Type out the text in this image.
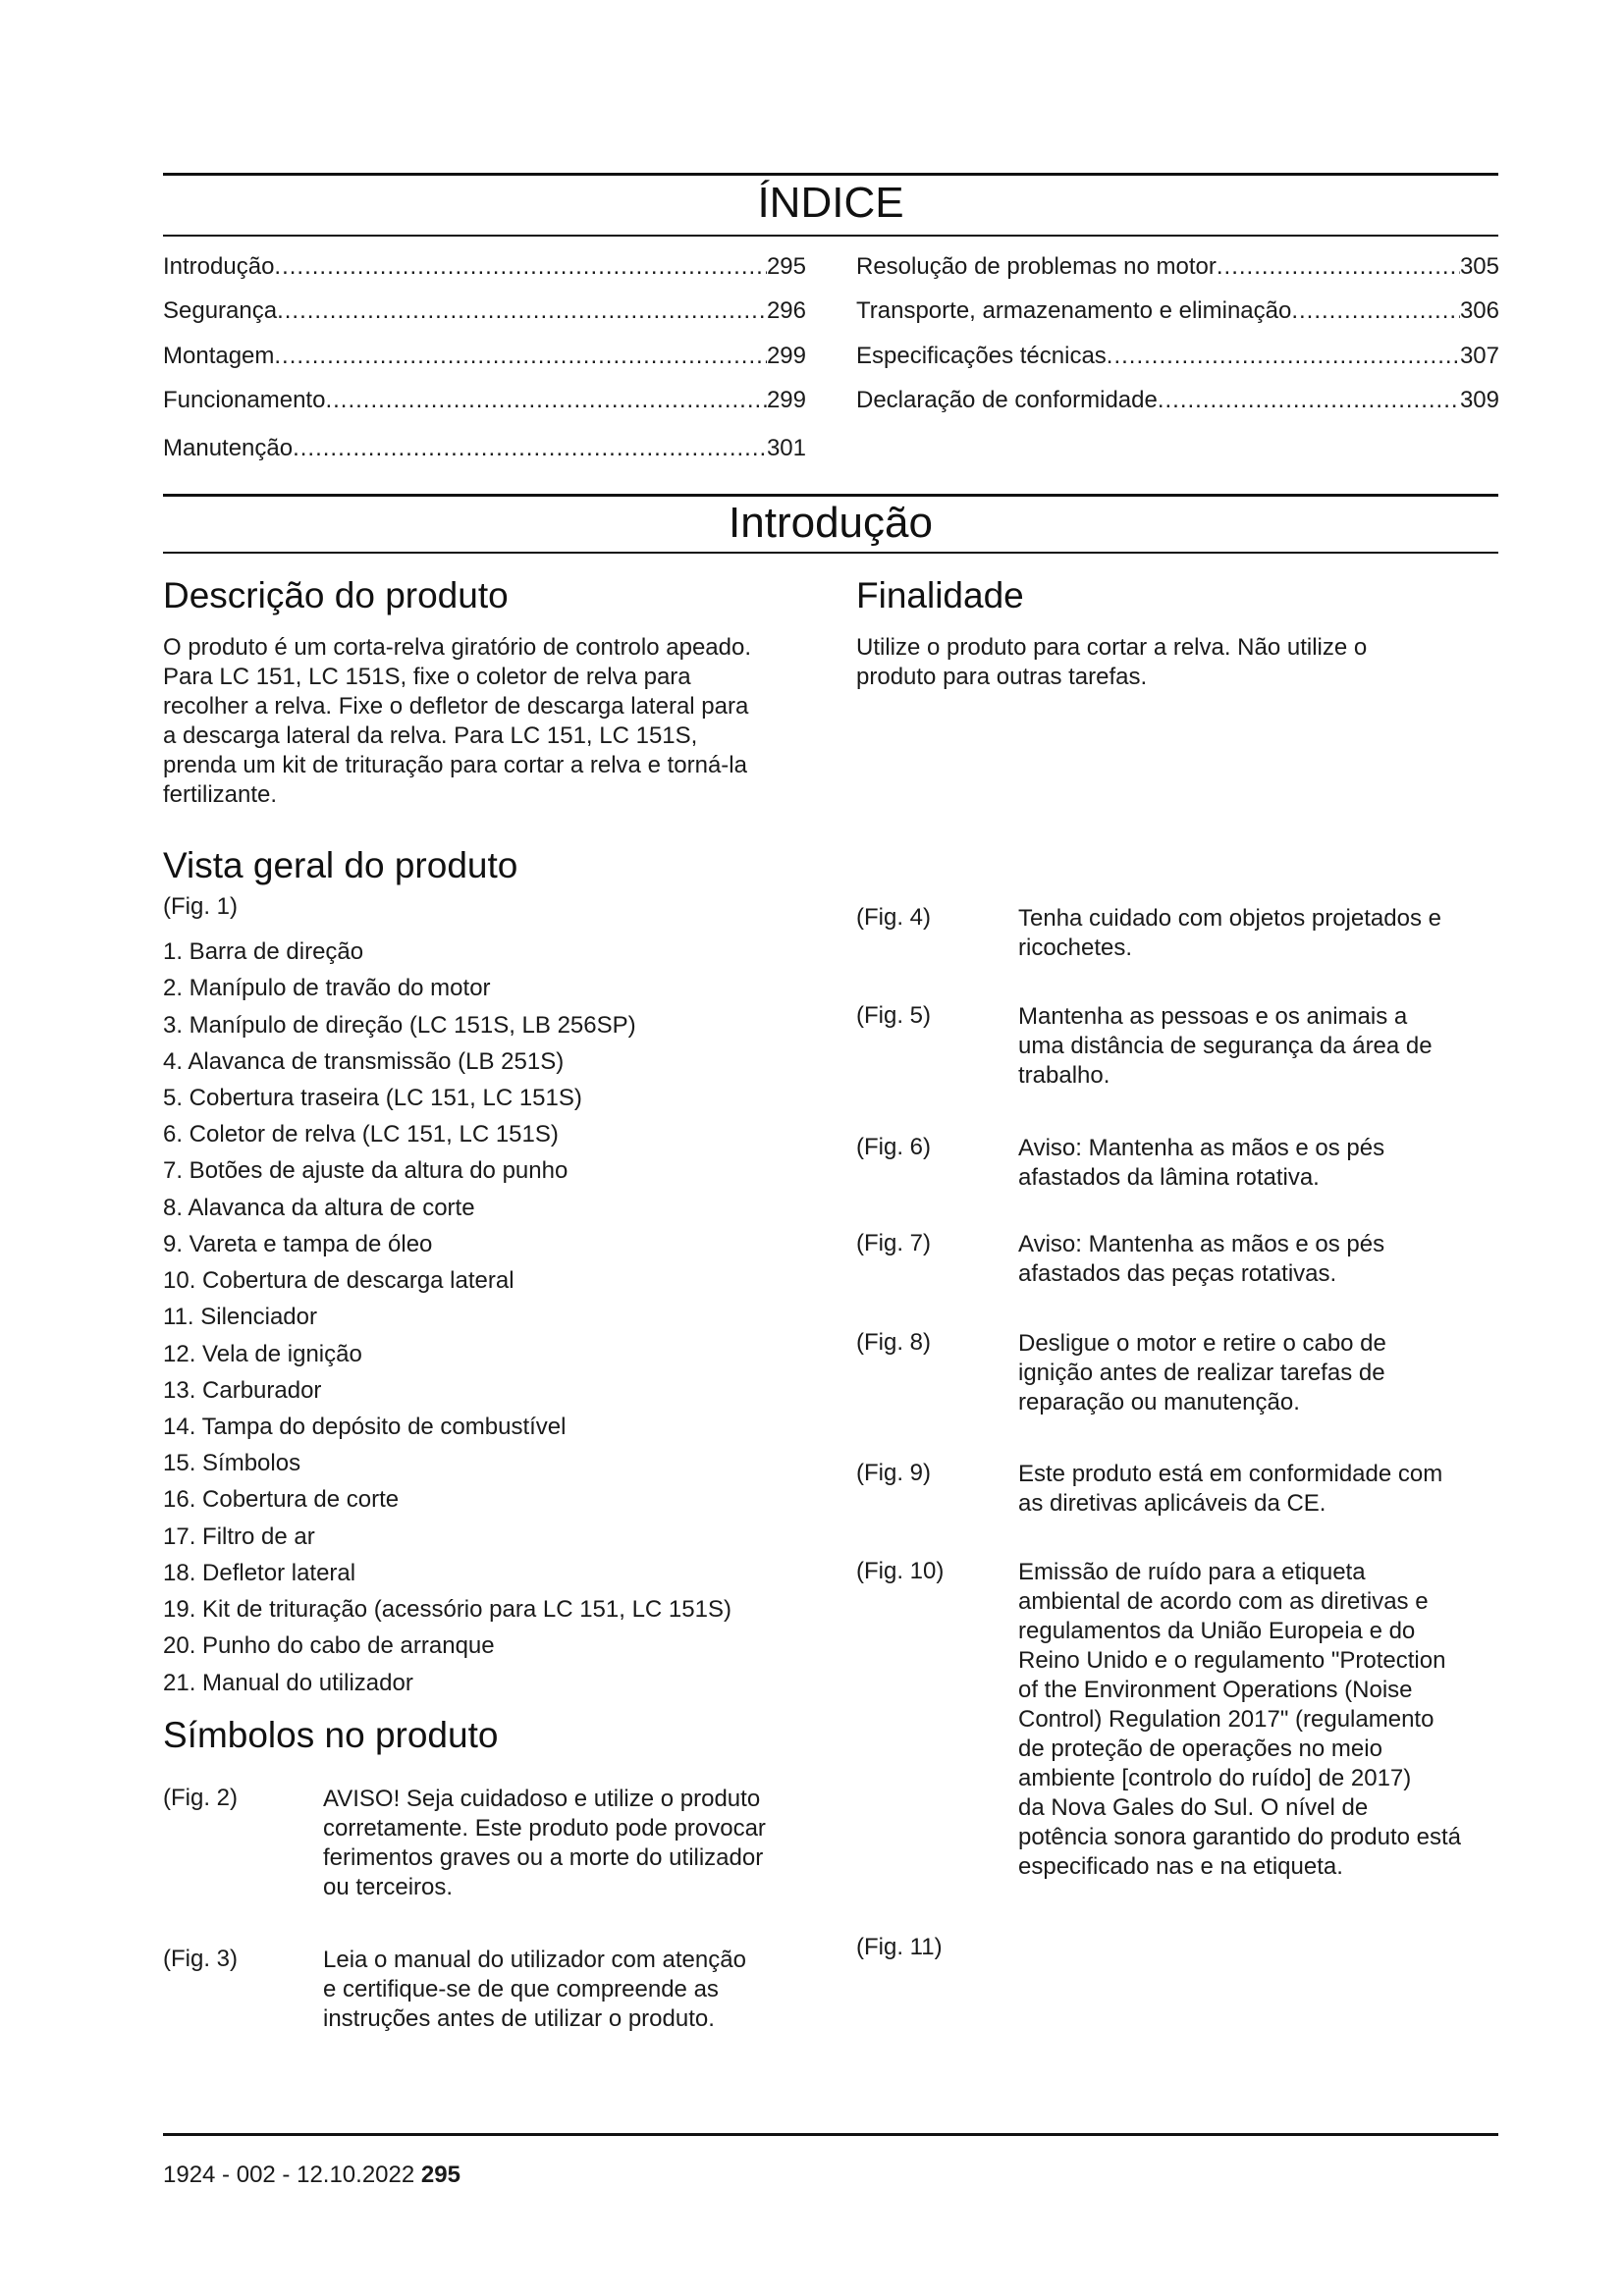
ÍNDICE
Introdução .....	295
Segurança .....	296
Montagem .....	299
Funcionamento .....	299
Manutenção .....	301
Resolução de problemas no motor .....	305
Transporte, armazenamento e eliminação .....	306
Especificações técnicas .....	307
Declaração de conformidade .....	309
Introdução
Descrição do produto
O produto é um corta-relva giratório de controlo apeado.
Para LC 151, LC 151S, fixe o coletor de relva para
recolher a relva. Fixe o defletor de descarga lateral para
a descarga lateral da relva. Para LC 151, LC 151S,
prenda um kit de trituração para cortar a relva e torná-la
fertilizante.
Finalidade
Utilize o produto para cortar a relva. Não utilize o
produto para outras tarefas.
Vista geral do produto
(Fig. 1)
1. Barra de direção
2. Manípulo de travão do motor
3. Manípulo de direção (LC 151S, LB 256SP)
4. Alavanca de transmissão (LB 251S)
5. Cobertura traseira (LC 151, LC 151S)
6. Coletor de relva (LC 151, LC 151S)
7. Botões de ajuste da altura do punho
8. Alavanca da altura de corte
9. Vareta e tampa de óleo
10. Cobertura de descarga lateral
11. Silenciador
12. Vela de ignição
13. Carburador
14. Tampa do depósito de combustível
15. Símbolos
16. Cobertura de corte
17. Filtro de ar
18. Defletor lateral
19. Kit de trituração (acessório para LC 151, LC 151S)
20. Punho do cabo de arranque
21. Manual do utilizador
Símbolos no produto
(Fig. 2)	AVISO! Seja cuidadoso e utilize o produto
corretamente. Este produto pode provocar
ferimentos graves ou a morte do utilizador
ou terceiros.
(Fig. 3)	Leia o manual do utilizador com atenção
e certifique-se de que compreende as
instruções antes de utilizar o produto.
(Fig. 4)	Tenha cuidado com objetos projetados e
ricochetes.
(Fig. 5)	Mantenha as pessoas e os animais a
uma distância de segurança da área de
trabalho.
(Fig. 6)	Aviso: Mantenha as mãos e os pés
afastados da lâmina rotativa.
(Fig. 7)	Aviso: Mantenha as mãos e os pés
afastados das peças rotativas.
(Fig. 8)	Desligue o motor e retire o cabo de
ignição antes de realizar tarefas de
reparação ou manutenção.
(Fig. 9)	Este produto está em conformidade com
as diretivas aplicáveis da CE.
(Fig. 10)	Emissão de ruído para a etiqueta
ambiental de acordo com as diretivas e
regulamentos da União Europeia e do
Reino Unido e o regulamento "Protection
of the Environment Operations (Noise
Control) Regulation 2017" (regulamento
de proteção de operações no meio
ambiente [controlo do ruído] de 2017)
da Nova Gales do Sul. O nível de
potência sonora garantido do produto está
especificado nas e na etiqueta.
(Fig. 11)
1924 - 002 - 12.10.2022 295
